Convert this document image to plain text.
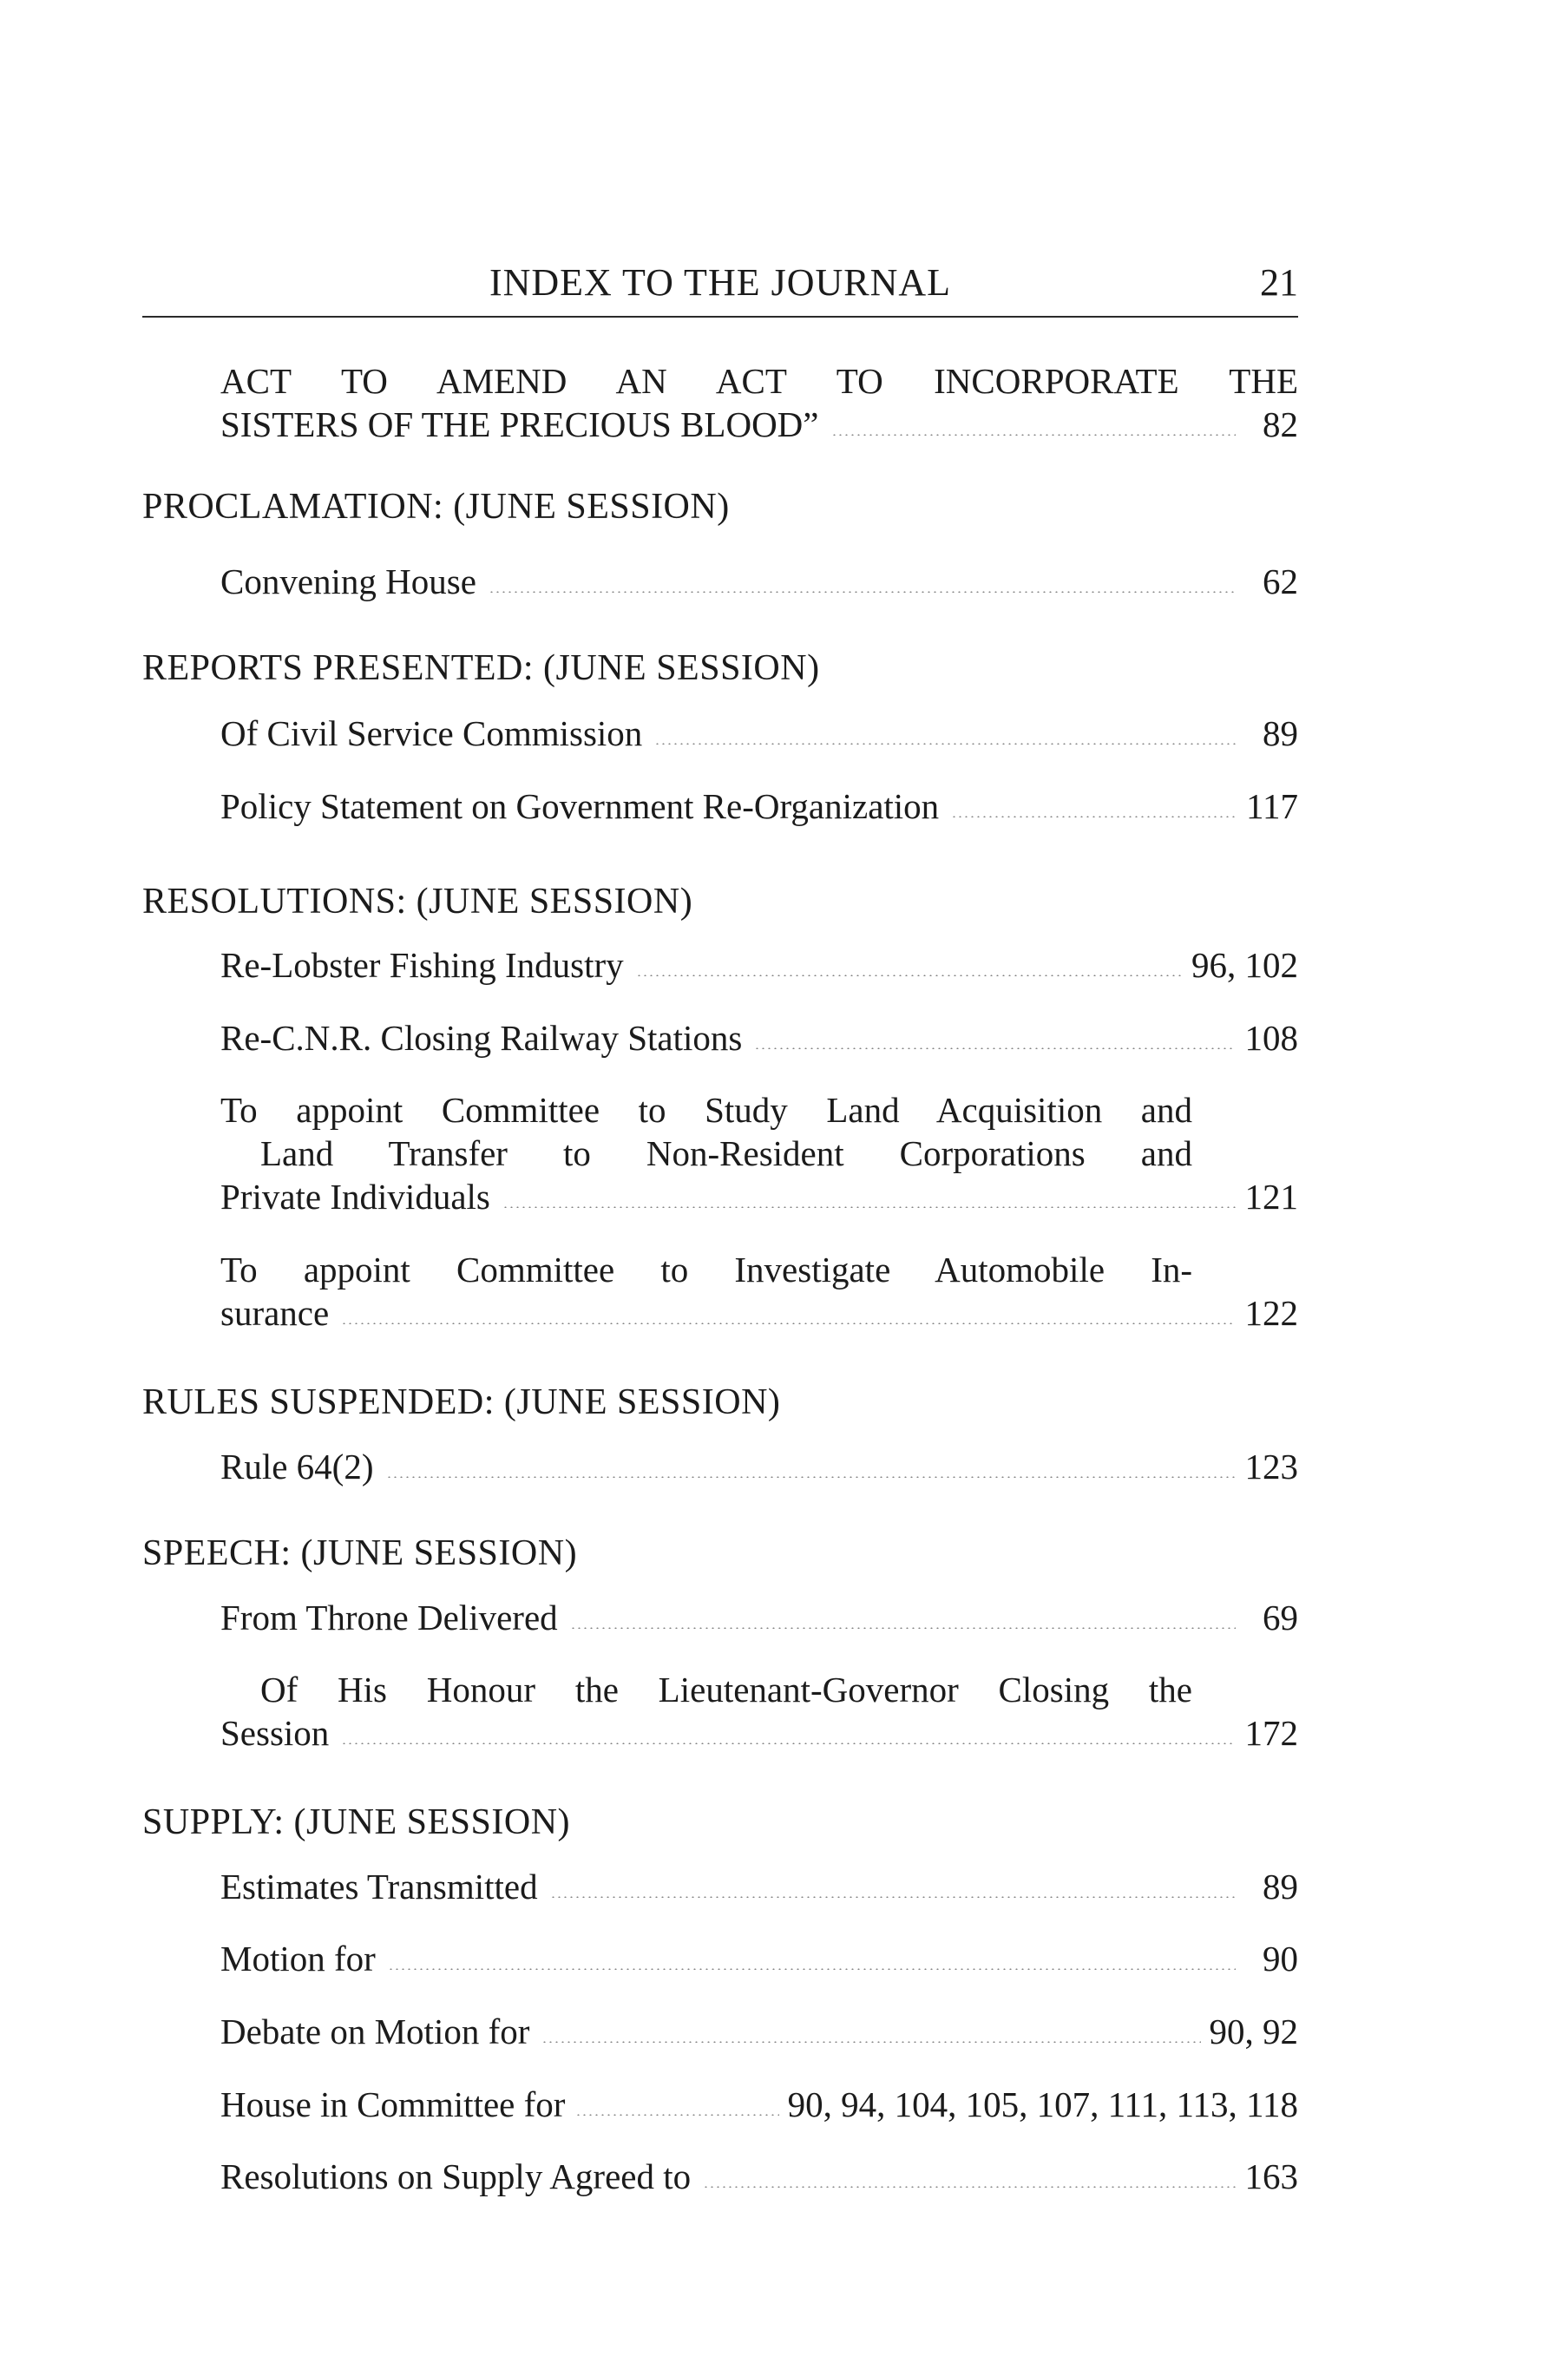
INDEX TO THE JOURNAL	21
ACT TO AMEND AN ACT TO INCORPORATE THE
SISTERS OF THE PRECIOUS BLOOD”	82
PROCLAMATION: (JUNE SESSION)
Convening House	62
REPORTS PRESENTED: (JUNE SESSION)
Of Civil Service Commission	89
Policy Statement on Government Re-Organization	117
RESOLUTIONS: (JUNE SESSION)
Re-Lobster Fishing Industry	96, 102
Re-C.N.R. Closing Railway Stations	108
To appoint Committee to Study Land Acquisition and
Land Transfer to Non-Resident Corporations and
Private Individuals	121
To appoint Committee to Investigate Automobile In-
surance	122
RULES SUSPENDED: (JUNE SESSION)
Rule 64(2)	123
SPEECH: (JUNE SESSION)
From Throne Delivered	69
Of His Honour the Lieutenant-Governor Closing the
Session	172
SUPPLY: (JUNE SESSION)
Estimates Transmitted	89
Motion for	90
Debate on Motion for	90, 92
House in Committee for	90, 94, 104, 105, 107, 111, 113, 118
Resolutions on Supply Agreed to	163
